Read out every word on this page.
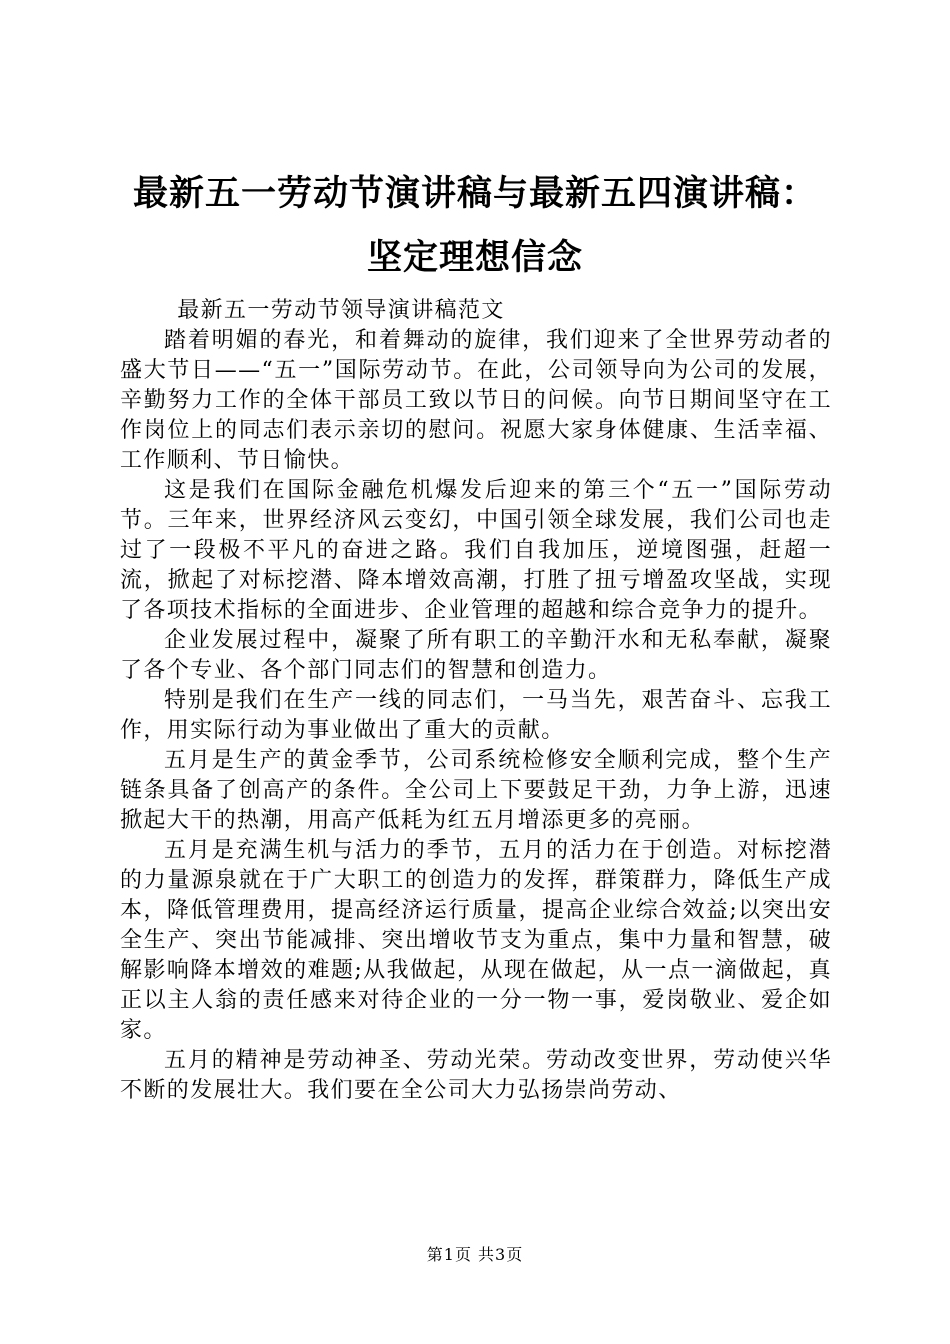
最新五一劳动节演讲稿与最新五四演讲稿：坚定理想信念

最新五一劳动节领导演讲稿范文

踏着明媚的春光，和着舞动的旋律，我们迎来了全世界劳动者的盛大节日——“五一”国际劳动节。在此，公司领导向为公司的发展，辛勤努力工作的全体干部员工致以节日的问候。向节日期间坚守在工作岗位上的同志们表示亲切的慰问。祝愿大家身体健康、生活幸福、工作顺利、节日愉快。

这是我们在国际金融危机爆发后迎来的第三个“五一”国际劳动节。三年来，世界经济风云变幻，中国引领全球发展，我们公司也走过了一段极不平凡的奋进之路。我们自我加压，逆境图强，赶超一流，掀起了对标挖潜、降本增效高潮，打胜了扭亏增盈攻坚战，实现了各项技术指标的全面进步、企业管理的超越和综合竞争力的提升。

企业发展过程中，凝聚了所有职工的辛勤汗水和无私奉献，凝聚了各个专业、各个部门同志们的智慧和创造力。

特别是我们在生产一线的同志们，一马当先，艰苦奋斗、忘我工作，用实际行动为事业做出了重大的贡献。

五月是生产的黄金季节，公司系统检修安全顺利完成，整个生产链条具备了创高产的条件。全公司上下要鼓足干劲，力争上游，迅速掀起大干的热潮，用高产低耗为红五月增添更多的亮丽。

五月是充满生机与活力的季节，五月的活力在于创造。对标挖潜的力量源泉就在于广大职工的创造力的发挥，群策群力，降低生产成本，降低管理费用，提高经济运行质量，提高企业综合效益;以突出安全生产、突出节能减排、突出增收节支为重点，集中力量和智慧，破解影响降本增效的难题;从我做起，从现在做起，从一点一滴做起，真正以主人翁的责任感来对待企业的一分一物一事，爱岗敬业、爱企如家。

五月的精神是劳动神圣、劳动光荣。劳动改变世界，劳动使兴华不断的发展壮大。我们要在全公司大力弘扬崇尚劳动、

第1页 共3页
